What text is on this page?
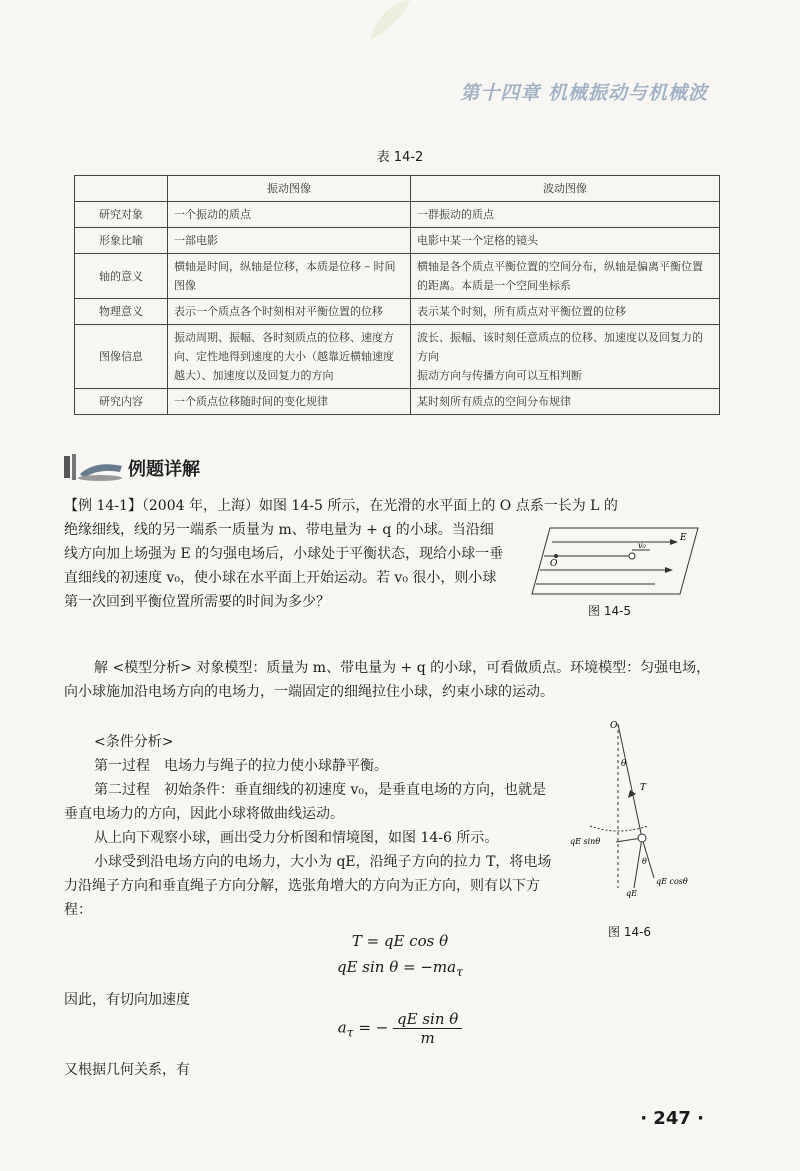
第十四章 机械振动与机械波
表 14-2
	振动图像	波动图像
研究对象	一个振动的质点	一群振动的质点
形象比喻	一部电影	电影中某一个定格的镜头
轴的意义	横轴是时间，纵轴是位移，本质是位移 – 时间图像	横轴是各个质点平衡位置的空间分布，纵轴是偏离平衡位置的距离。本质是一个空间坐标系
物理意义	表示一个质点各个时刻相对平衡位置的位移	表示某个时刻，所有质点对平衡位置的位移
图像信息	振动周期、振幅、各时刻质点的位移、速度方向、定性地得到速度的大小（越靠近横轴速度越大）、加速度以及回复力的方向	波长、振幅、该时刻任意质点的位移、加速度以及回复力的方向
振动方向与传播方向可以互相判断
研究内容	一个质点位移随时间的变化规律	某时刻所有质点的空间分布规律
例题详解
【例 14-1】（2004 年，上海）如图 14-5 所示，在光滑的水平面上的 O 点系一长为 L 的
绝缘细线，线的另一端系一质量为 m、带电量为 + q 的小球。当沿细线方向加上场强为 E 的匀强电场后，小球处于平衡状态，现给小球一垂直细线的初速度 v₀，使小球在水平面上开始运动。若 v₀ 很小，则小球第一次回到平衡位置所需要的时间为多少？
O
E
v₀
图 14-5
解 <模型分析> 对象模型：质量为 m、带电量为 + q 的小球，可看做质点。环境模型：匀强电场，向小球施加沿电场方向的电场力，一端固定的细绳拉住小球，约束小球的运动。
<条件分析>
第一过程　电场力与绳子的拉力使小球静平衡。
第二过程　初始条件：垂直细线的初速度 v₀，是垂直电场的方向，也就是垂直电场力的方向，因此小球将做曲线运动。
从上向下观察小球，画出受力分析图和情境图，如图 14-6 所示。
小球受到沿电场方向的电场力，大小为 qE，沿绳子方向的拉力 T，将电场力沿绳子方向和垂直绳子方向分解，选张角增大的方向为正方向，则有以下方程：
O
θ
T
qE sinθ
θ
qE cosθ
qE
图 14-6
T = qE cos θ
qE $\sin \theta = -ma_\tau$
因此，有切向加速度
$a_\tau$ = − $\frac{\text{qE sin θ}}{m}$
又根据几何关系，有
· 247 ·
